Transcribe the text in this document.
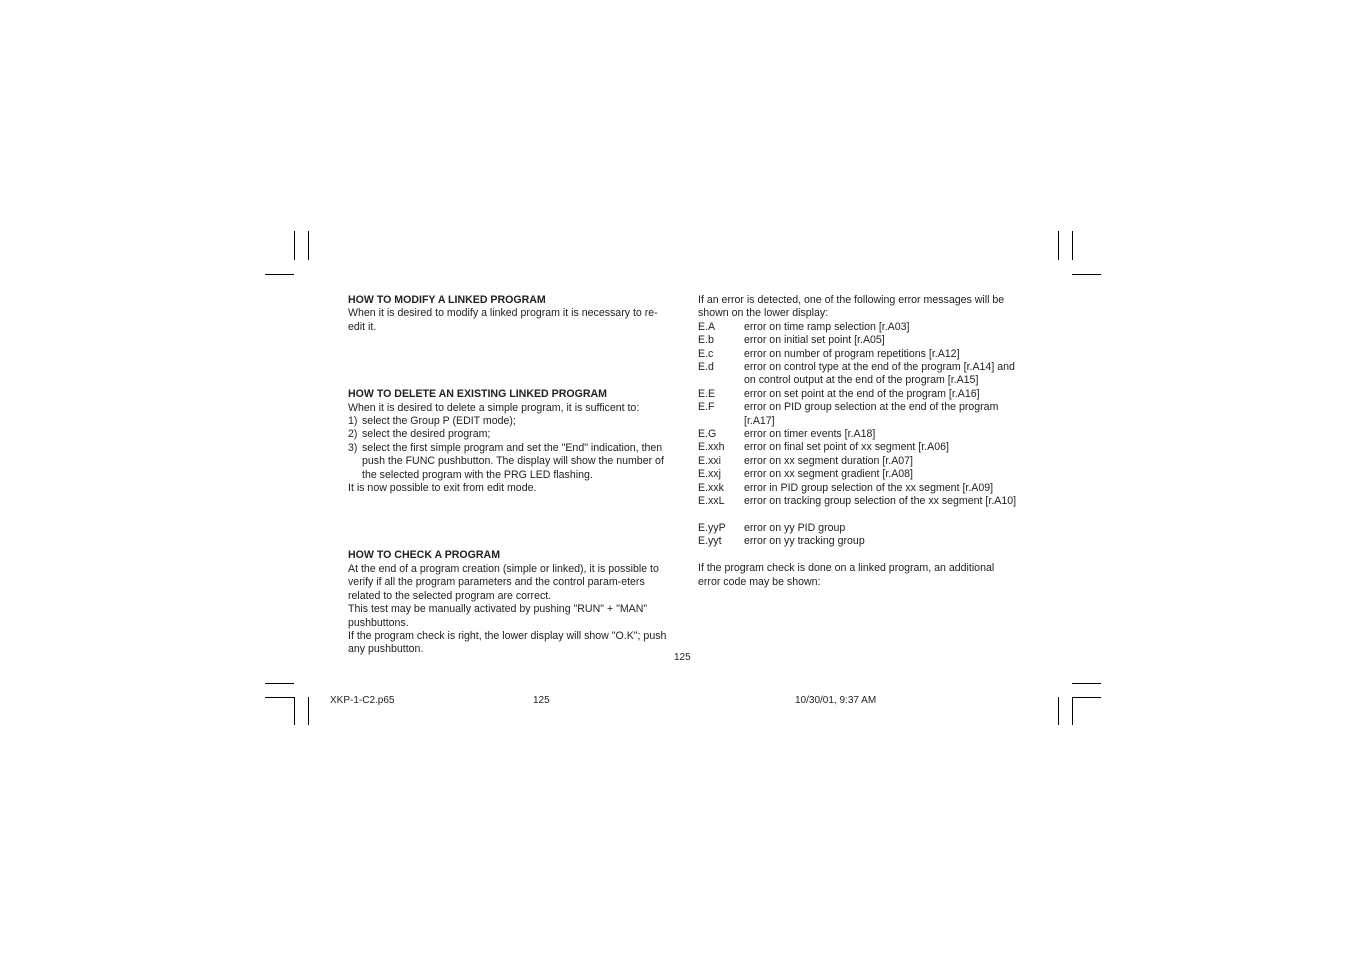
HOW TO MODIFY A LINKED PROGRAM

When it is desired to modify a linked program it is necessary to re-edit it.

HOW TO DELETE AN EXISTING LINKED PROGRAM

When it is desired to delete a simple program, it is sufficent to:

1) select the Group P (EDIT mode);
2) select the desired program;
3) select the first simple program and set the "End" indication, then push the FUNC pushbutton. The display will show the number of the selected program with the PRG LED flashing.

It is now possible to exit from edit mode.

HOW TO CHECK A PROGRAM

At the end of a program creation (simple or linked), it is possible to verify if all the program parameters and the control param-eters related to the selected program are correct.

This test may be manually activated by pushing "RUN" + "MAN" pushbuttons.

If the program check is right, the lower display will show "O.K"; push any pushbutton.

If an error is detected, one of the following error messages will be shown on the lower display:

E.A	error on time ramp selection [r.A03]
E.b	error on initial set point [r.A05]
E.c	error on number of program repetitions [r.A12]
E.d	error on control type at the end of the program [r.A14] and on control output at the end of the program [r.A15]
E.E	error on set point at the end of the program [r.A16]
E.F	error on PID group selection at the end of the program [r.A17]
E.G	error on timer events [r.A18]
E.xxh	error on final set point of xx segment [r.A06]
E.xxi	error on xx segment duration [r.A07]
E.xxj	error on xx segment gradient [r.A08]
E.xxk	error in PID group selection of the xx segment [r.A09]
E.xxL	error on tracking group selection of the xx segment [r.A10]
E.yyP	error on yy PID group
E.yyt	error on yy tracking group

If the program check is done on a linked program, an additional error code may be shown:

125
XKP-1-C2.p65	125	10/30/01, 9:37 AM
